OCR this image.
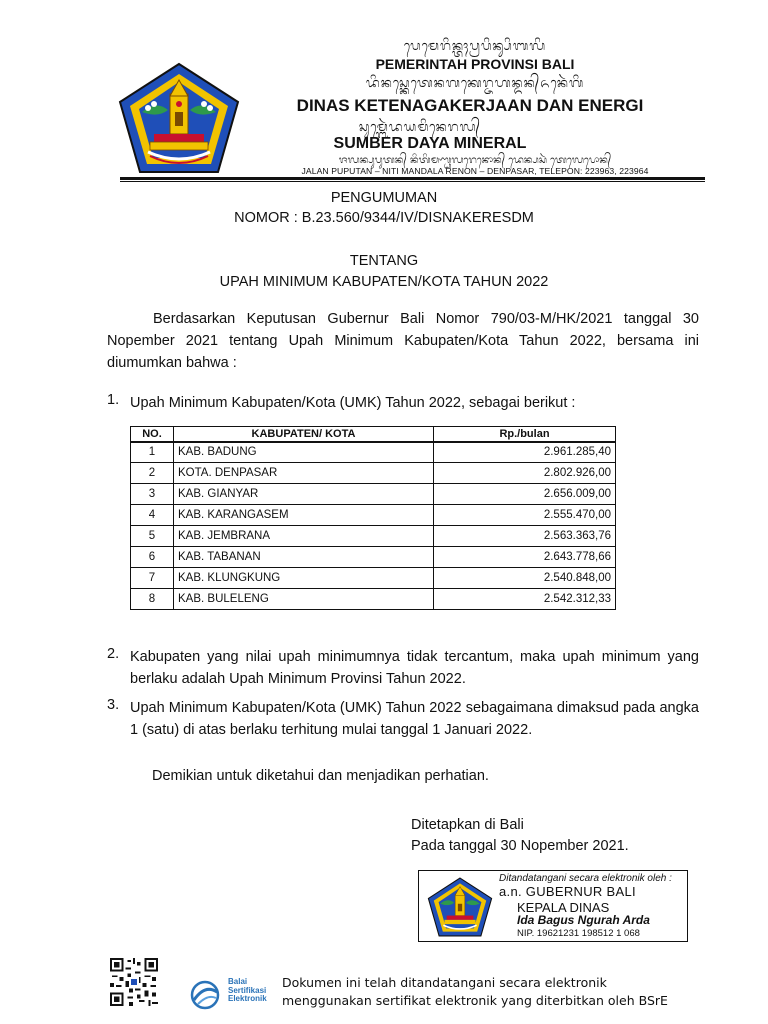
ᬧᬾᬫᬾᬭᬶᬦ᭄ᬢᬄᬧ᭄ᬭᬧᬶᬦ᭄ᬲᬶᬩᬮᬶ
PEMERINTAH PROVINSI BALI
ᬤᬶᬦᬲ᭄ᬓᬾᬢᬾᬦᬕᬓᬾᬭ᭄ᬚᬳᬦ᭄ᬤᬦ᭄ᬏᬦᬾᬃᬕᬶ
DINAS KETENAGAKERJAAN DAN ENERGI
ᬲᬸᬫ᭄ᬩᬾᬃᬤᬬᬫᬶᬦᬾᬭᬮ᭄
SUMBER DAYA MINERAL
ᬚᬮᬦ᭄ᬧᬸᬧᬸᬢᬦ᭄ ᬦᬶᬢᬶᬫᬡ᭄ᬟᬮᬭᬾᬦᭀᬦ᭄ ᬤᬾᬦ᭄ᬧᬲᬃ ᬢᬾᬮᬾᬧᭀᬦ᭄
JALAN PUPUTAN – NITI MANDALA RENON – DENPASAR, TELEPON: 223963, 223964
PENGUMUMAN
NOMOR : B.23.560/9344/IV/DISNAKERESDM
TENTANG
UPAH MINIMUM KABUPATEN/KOTA TAHUN 2022

Berdasarkan Keputusan Gubernur Bali Nomor 790/03-M/HK/2021 tanggal 30 Nopember 2021 tentang Upah Minimum Kabupaten/Kota Tahun 2022, bersama ini diumumkan bahwa :

1. Upah Minimum Kabupaten/Kota (UMK) Tahun 2022, sebagai berikut :

NO.	KABUPATEN/ KOTA	Rp./bulan
1	KAB. BADUNG	2.961.285,40
2	KOTA. DENPASAR	2.802.926,00
3	KAB. GIANYAR	2.656.009,00
4	KAB. KARANGASEM	2.555.470,00
5	KAB. JEMBRANA	2.563.363,76
6	KAB. TABANAN	2.643.778,66
7	KAB. KLUNGKUNG	2.540.848,00
8	KAB. BULELENG	2.542.312,33
2. Kabupaten yang nilai upah minimumnya tidak tercantum, maka upah minimum yang berlaku adalah Upah Minimum Provinsi Tahun 2022.

3. Upah Minimum Kabupaten/Kota (UMK) Tahun 2022 sebagaimana dimaksud pada angka 1 (satu) di atas berlaku terhitung mulai tanggal 1 Januari 2022.

Demikian untuk diketahui dan menjadikan perhatian.

Ditetapkan di Bali
Pada tanggal 30 Nopember 2021.
Ditandatangani secara elektronik oleh :
a.n. GUBERNUR BALI
KEPALA DINAS
Ida Bagus Ngurah Arda
NIP. 19621231 198512 1 068
Balai
Sertifikasi
Elektronik
Dokumen ini telah ditandatangani secara elektronik
menggunakan sertifikat elektronik yang diterbitkan oleh BSrE
